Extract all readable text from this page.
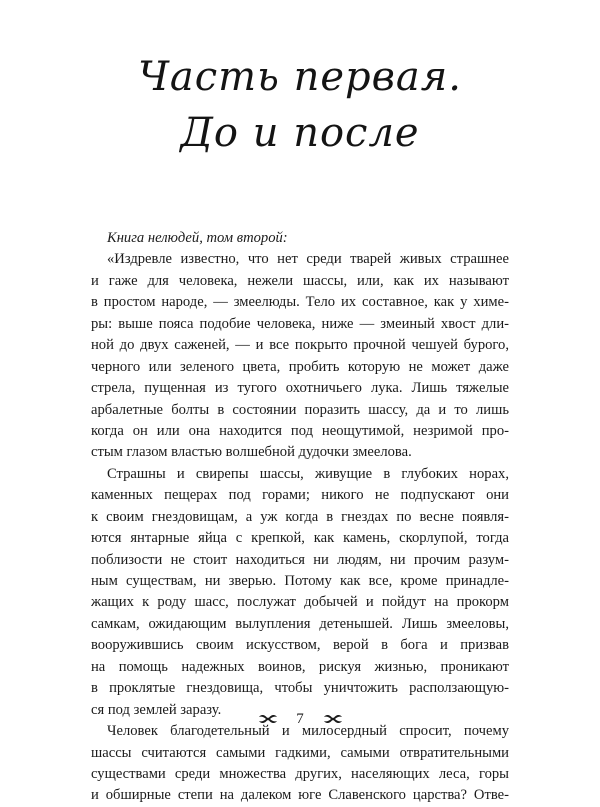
Часть первая.
До и после
Книга нелюдей, том второй:
«Издревле известно, что нет среди тварей живых страшнее
и гаже для человека, нежели шассы, или, как их называют
в простом народе, — змеелюды. Тело их составное, как у химе-
ры: выше пояса подобие человека, ниже — змеиный хвост дли-
ной до двух саженей, — и все покрыто прочной чешуей бурого,
черного или зеленого цвета, пробить которую не может даже
стрела, пущенная из тугого охотничьего лука. Лишь тяжелые
арбалетные болты в состоянии поразить шассу, да и то лишь
когда он или она находится под неощутимой, незримой про-
стым глазом властью волшебной дудочки змеелова.
Страшны и свирепы шассы, живущие в глубоких норах,
каменных пещерах под горами; никого не подпускают они
к своим гнездовищам, а уж когда в гнездах по весне появля-
ются янтарные яйца с крепкой, как камень, скорлупой, тогда
поблизости не стоит находиться ни людям, ни прочим разум-
ным существам, ни зверью. Потому как все, кроме принадле-
жащих к роду шасс, послужат добычей и пойдут на прокорм
самкам, ожидающим вылупления детенышей. Лишь змееловы,
вооружившись своим искусством, верой в бога и призвав
на помощь надежных воинов, рискуя жизнью, проникают
в проклятые гнездовища, чтобы уничтожить расползающую-
ся под землей заразу.
Человек благодетельный и милосердный спросит, почему
шассы считаются самыми гадкими, самыми отвратительными
существами среди множества других, населяющих леса, горы
и обширные степи на далеком юге Славенского царства? Отве-
7
